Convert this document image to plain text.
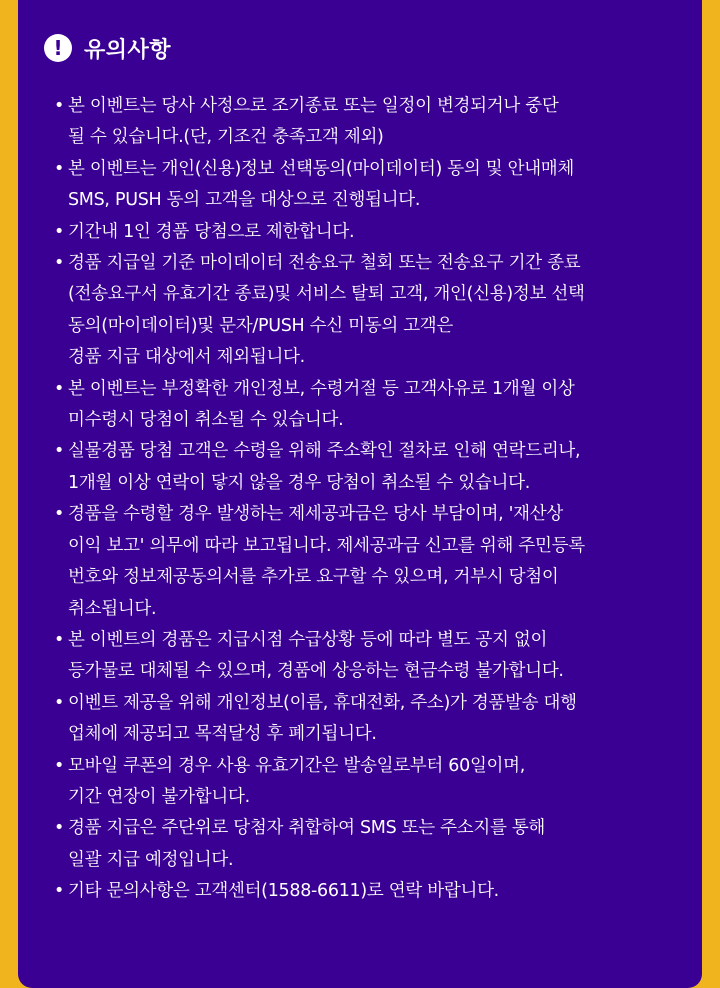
! 유의사항
• 본 이벤트는 당사 사정으로 조기종료 또는 일정이 변경되거나 중단
될 수 있습니다.(단, 기조건 충족고객 제외)
• 본 이벤트는 개인(신용)정보 선택동의(마이데이터) 동의 및 안내매체
SMS, PUSH 동의 고객을 대상으로 진행됩니다.
• 기간내 1인 경품 당첨으로 제한합니다.
• 경품 지급일 기준 마이데이터 전송요구 철회 또는 전송요구 기간 종료
(전송요구서 유효기간 종료)및 서비스 탈퇴 고객, 개인(신용)정보 선택
동의(마이데이터)및 문자/PUSH 수신 미동의 고객은
경품 지급 대상에서 제외됩니다.
• 본 이벤트는 부정확한 개인정보, 수령거절 등 고객사유로 1개월 이상
미수령시 당첨이 취소될 수 있습니다.
• 실물경품 당첨 고객은 수령을 위해 주소확인 절차로 인해 연락드리나,
1개월 이상 연락이 닿지 않을 경우 당첨이 취소될 수 있습니다.
• 경품을 수령할 경우 발생하는 제세공과금은 당사 부담이며, '재산상
이익 보고' 의무에 따라 보고됩니다. 제세공과금 신고를 위해 주민등록
번호와 정보제공동의서를 추가로 요구할 수 있으며, 거부시 당첨이
취소됩니다.
• 본 이벤트의 경품은 지급시점 수급상황 등에 따라 별도 공지 없이
등가물로 대체될 수 있으며, 경품에 상응하는 현금수령 불가합니다.
• 이벤트 제공을 위해 개인정보(이름, 휴대전화, 주소)가 경품발송 대행
업체에 제공되고 목적달성 후 폐기됩니다.
• 모바일 쿠폰의 경우 사용 유효기간은 발송일로부터 60일이며,
기간 연장이 불가합니다.
• 경품 지급은 주단위로 당첨자 취합하여 SMS 또는 주소지를 통해
일괄 지급 예정입니다.
• 기타 문의사항은 고객센터(1588-6611)로 연락 바랍니다.
